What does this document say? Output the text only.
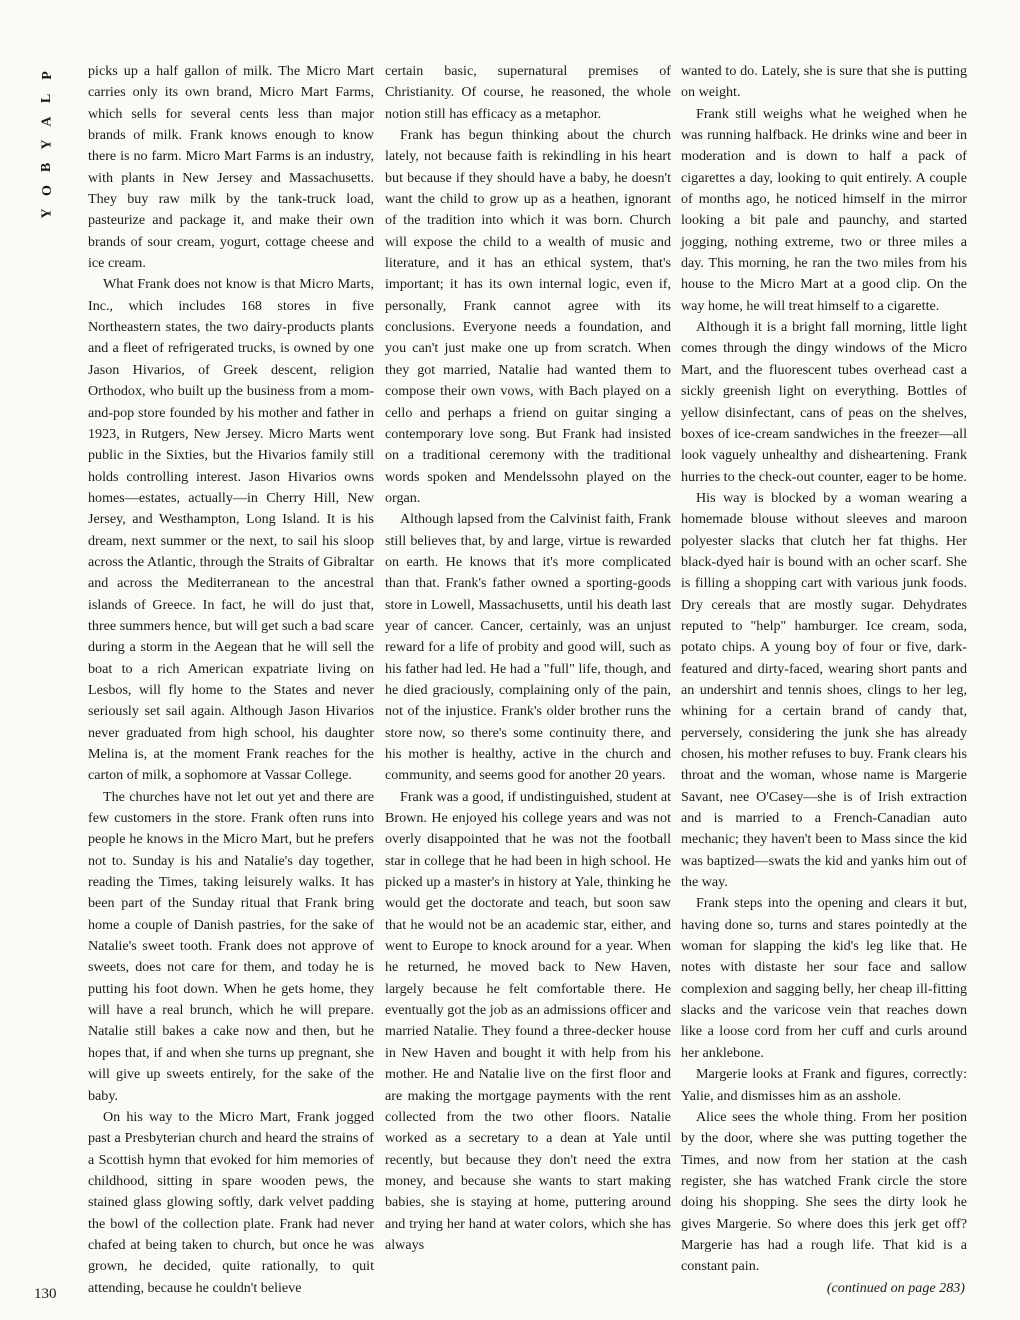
P
L
A
Y
B
O
Y
130

picks up a half gallon of milk. The Micro Mart carries only its own brand, Micro Mart Farms, which sells for several cents less than major brands of milk. Frank knows enough to know there is no farm. Micro Mart Farms is an industry, with plants in New Jersey and Massachusetts. They buy raw milk by the tank-truck load, pasteurize and package it, and make their own brands of sour cream, yogurt, cottage cheese and ice cream.

What Frank does not know is that Micro Marts, Inc., which includes 168 stores in five Northeastern states, the two dairy-products plants and a fleet of refrigerated trucks, is owned by one Jason Hivarios, of Greek descent, religion Orthodox, who built up the business from a mom-and-pop store founded by his mother and father in 1923, in Rutgers, New Jersey. Micro Marts went public in the Sixties, but the Hivarios family still holds controlling interest. Jason Hivarios owns homes—estates, actually—in Cherry Hill, New Jersey, and Westhampton, Long Island. It is his dream, next summer or the next, to sail his sloop across the Atlantic, through the Straits of Gibraltar and across the Mediterranean to the ancestral islands of Greece. In fact, he will do just that, three summers hence, but will get such a bad scare during a storm in the Aegean that he will sell the boat to a rich American expatriate living on Lesbos, will fly home to the States and never seriously set sail again. Although Jason Hivarios never graduated from high school, his daughter Melina is, at the moment Frank reaches for the carton of milk, a sophomore at Vassar College.

The churches have not let out yet and there are few customers in the store. Frank often runs into people he knows in the Micro Mart, but he prefers not to. Sunday is his and Natalie's day together, reading the Times, taking leisurely walks. It has been part of the Sunday ritual that Frank bring home a couple of Danish pastries, for the sake of Natalie's sweet tooth. Frank does not approve of sweets, does not care for them, and today he is putting his foot down. When he gets home, they will have a real brunch, which he will prepare. Natalie still bakes a cake now and then, but he hopes that, if and when she turns up pregnant, she will give up sweets entirely, for the sake of the baby.

On his way to the Micro Mart, Frank jogged past a Presbyterian church and heard the strains of a Scottish hymn that evoked for him memories of childhood, sitting in spare wooden pews, the stained glass glowing softly, dark velvet padding the bowl of the collection plate. Frank had never chafed at being taken to church, but once he was grown, he decided, quite rationally, to quit attending, because he couldn't believe

certain basic, supernatural premises of Christianity. Of course, he reasoned, the whole notion still has efficacy as a metaphor.

Frank has begun thinking about the church lately, not because faith is rekindling in his heart but because if they should have a baby, he doesn't want the child to grow up as a heathen, ignorant of the tradition into which it was born. Church will expose the child to a wealth of music and literature, and it has an ethical system, that's important; it has its own internal logic, even if, personally, Frank cannot agree with its conclusions. Everyone needs a foundation, and you can't just make one up from scratch. When they got married, Natalie had wanted them to compose their own vows, with Bach played on a cello and perhaps a friend on guitar singing a contemporary love song. But Frank had insisted on a traditional ceremony with the traditional words spoken and Mendelssohn played on the organ.

Although lapsed from the Calvinist faith, Frank still believes that, by and large, virtue is rewarded on earth. He knows that it's more complicated than that. Frank's father owned a sporting-goods store in Lowell, Massachusetts, until his death last year of cancer. Cancer, certainly, was an unjust reward for a life of probity and good will, such as his father had led. He had a "full" life, though, and he died graciously, complaining only of the pain, not of the injustice. Frank's older brother runs the store now, so there's some continuity there, and his mother is healthy, active in the church and community, and seems good for another 20 years.

Frank was a good, if undistinguished, student at Brown. He enjoyed his college years and was not overly disappointed that he was not the football star in college that he had been in high school. He picked up a master's in history at Yale, thinking he would get the doctorate and teach, but soon saw that he would not be an academic star, either, and went to Europe to knock around for a year. When he returned, he moved back to New Haven, largely because he felt comfortable there. He eventually got the job as an admissions officer and married Natalie. They found a three-decker house in New Haven and bought it with help from his mother. He and Natalie live on the first floor and are making the mortgage payments with the rent collected from the two other floors. Natalie worked as a secretary to a dean at Yale until recently, but because they don't need the extra money, and because she wants to start making babies, she is staying at home, puttering around and trying her hand at water colors, which she has always

wanted to do. Lately, she is sure that she is putting on weight.

Frank still weighs what he weighed when he was running halfback. He drinks wine and beer in moderation and is down to half a pack of cigarettes a day, looking to quit entirely. A couple of months ago, he noticed himself in the mirror looking a bit pale and paunchy, and started jogging, nothing extreme, two or three miles a day. This morning, he ran the two miles from his house to the Micro Mart at a good clip. On the way home, he will treat himself to a cigarette.

Although it is a bright fall morning, little light comes through the dingy windows of the Micro Mart, and the fluorescent tubes overhead cast a sickly greenish light on everything. Bottles of yellow disinfectant, cans of peas on the shelves, boxes of ice-cream sandwiches in the freezer—all look vaguely unhealthy and disheartening. Frank hurries to the check-out counter, eager to be home.

His way is blocked by a woman wearing a homemade blouse without sleeves and maroon polyester slacks that clutch her fat thighs. Her black-dyed hair is bound with an ocher scarf. She is filling a shopping cart with various junk foods. Dry cereals that are mostly sugar. Dehydrates reputed to "help" hamburger. Ice cream, soda, potato chips. A young boy of four or five, dark-featured and dirty-faced, wearing short pants and an undershirt and tennis shoes, clings to her leg, whining for a certain brand of candy that, perversely, considering the junk she has already chosen, his mother refuses to buy. Frank clears his throat and the woman, whose name is Margerie Savant, nee O'Casey—she is of Irish extraction and is married to a French-Canadian auto mechanic; they haven't been to Mass since the kid was baptized—swats the kid and yanks him out of the way.

Frank steps into the opening and clears it but, having done so, turns and stares pointedly at the woman for slapping the kid's leg like that. He notes with distaste her sour face and sallow complexion and sagging belly, her cheap ill-fitting slacks and the varicose vein that reaches down like a loose cord from her cuff and curls around her anklebone.

Margerie looks at Frank and figures, correctly: Yalie, and dismisses him as an asshole.

Alice sees the whole thing. From her position by the door, where she was putting together the Times, and now from her station at the cash register, she has watched Frank circle the store doing his shopping. She sees the dirty look he gives Margerie. So where does this jerk get off? Margerie has had a rough life. That kid is a constant pain.

(continued on page 283)
